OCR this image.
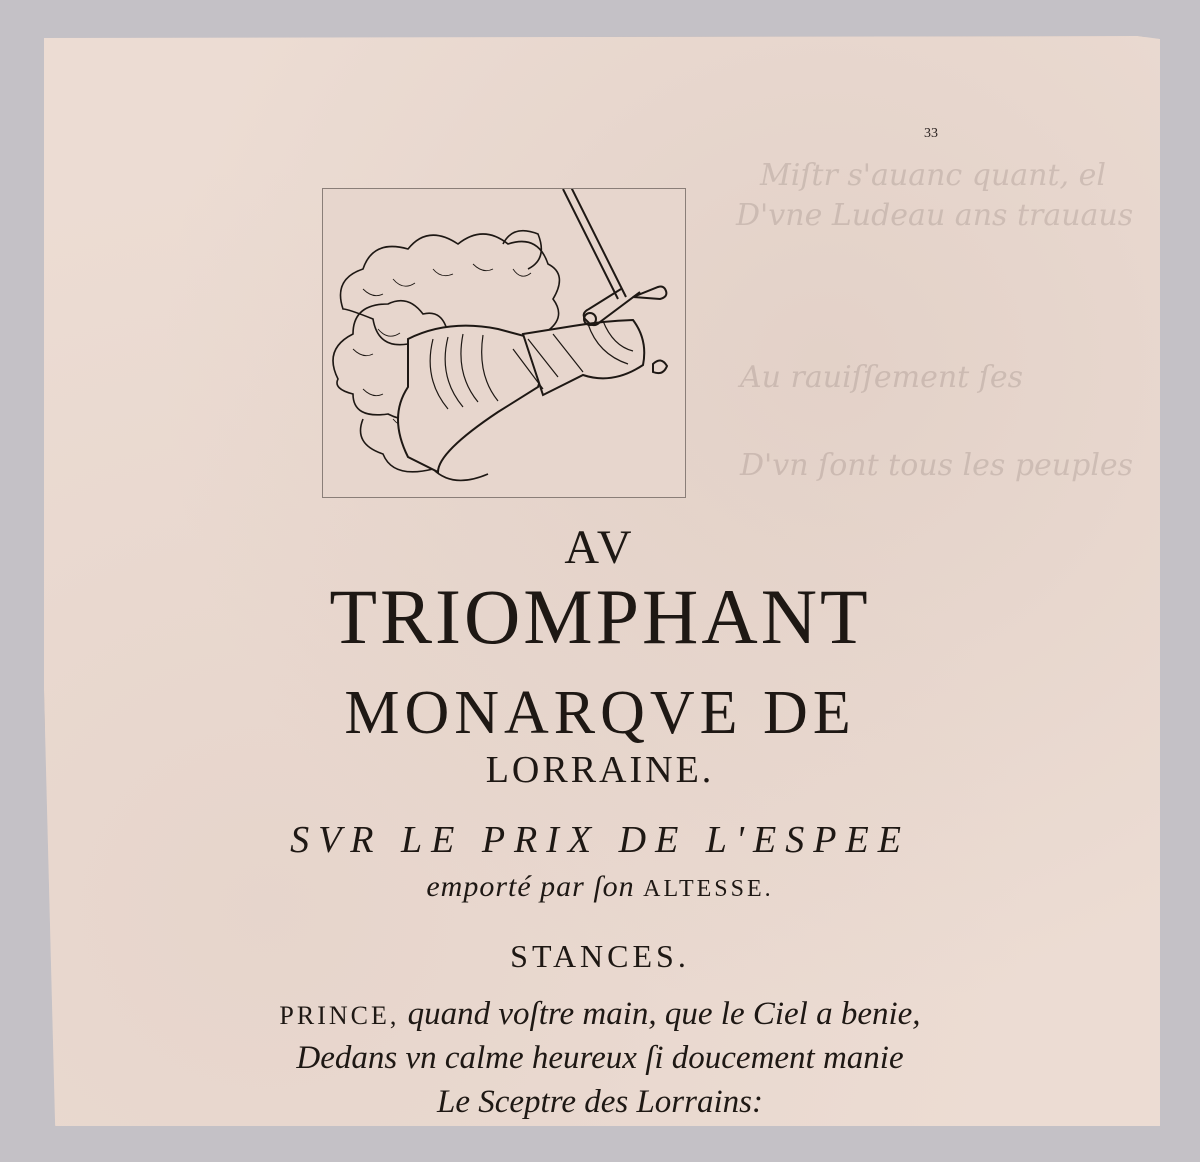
Miſtr s'auanc quant, el
D'vne Ludeau ans trauaus
Au rauiſſement ſes
D'vn ſont tous les peuples
33
AV
TRIOMPHANT
MONARQVE DE
LORRAINE.
SVR LE PRIX DE L'ESPEE
emporté par ſon ALTESSE.
STANCES.
PRINCE, quand voſtre main, que le Ciel a benie,
Dedans vn calme heureux ſi doucement manie
Le Sceptre des Lorrains:
